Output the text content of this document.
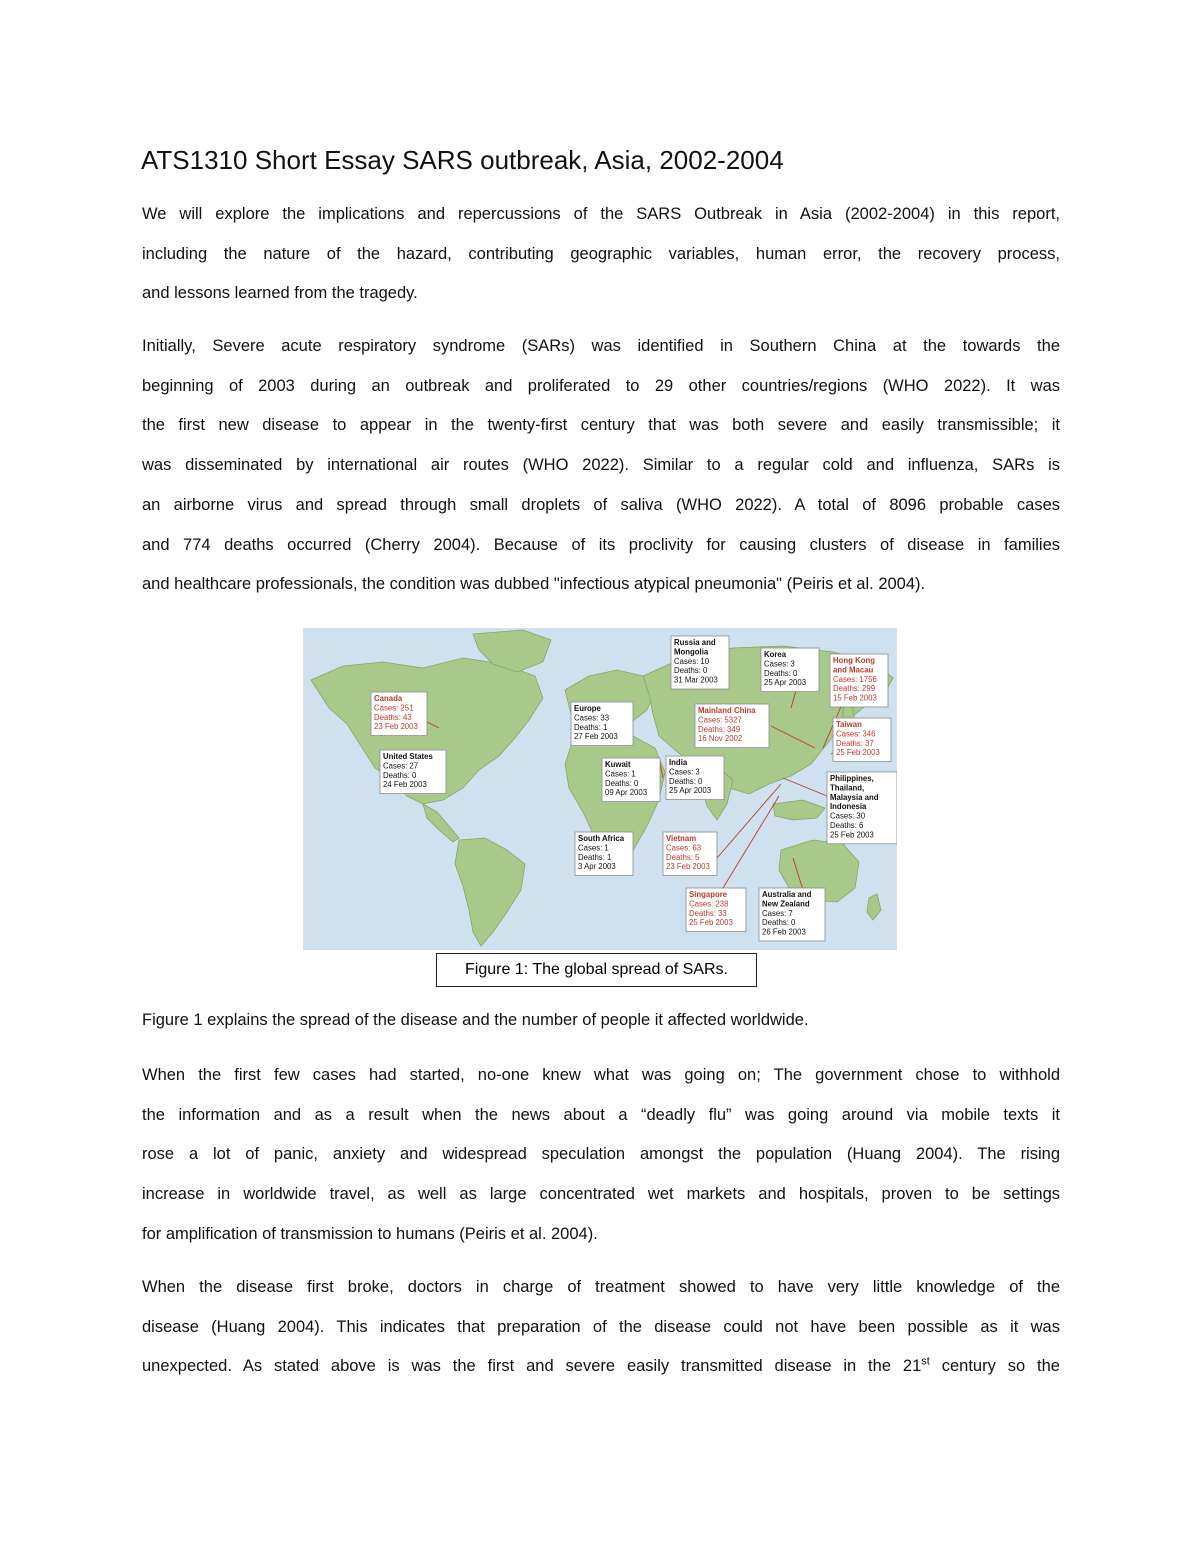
ATS1310 Short Essay SARS outbreak, Asia, 2002-2004

We will explore the implications and repercussions of the SARS Outbreak in Asia (2002-2004) in this report,
including the nature of the hazard, contributing geographic variables, human error, the recovery process,
and lessons learned from the tragedy.

Initially, Severe acute respiratory syndrome (SARs) was identified in Southern China at the towards the
beginning of 2003 during an outbreak and proliferated to 29 other countries/regions (WHO 2022). It was
the first new disease to appear in the twenty-first century that was both severe and easily transmissible; it
was disseminated by international air routes (WHO 2022). Similar to a regular cold and influenza, SARs is
an airborne virus and spread through small droplets of saliva (WHO 2022). A total of 8096 probable cases
and 774 deaths occurred (Cherry 2004). Because of its proclivity for causing clusters of disease in families
and healthcare professionals, the condition was dubbed "infectious atypical pneumonia" (Peiris et al. 2004).

Canada
Cases: 251
Deaths: 43
23 Feb 2003
United States
Cases: 27
Deaths: 0
24 Feb 2003
Europe
Cases: 33
Deaths: 1
27 Feb 2003
Kuwait
Cases: 1
Deaths: 0
09 Apr 2003
South Africa
Cases: 1
Deaths: 1
3 Apr 2003
Russia and
Mongolia
Cases: 10
Deaths: 0
31 Mar 2003
Mainland China
Cases: 5327
Deaths: 349
16 Nov 2002
India
Cases: 3
Deaths: 0
25 Apr 2003
Korea
Cases: 3
Deaths: 0
25 Apr 2003
Hong Kong
and Macau
Cases: 1756
Deaths: 299
15 Feb 2003
Taiwan
Cases: 346
Deaths: 37
25 Feb 2003
Philippines,
Thailand,
Malaysia and
Indonesia
Cases: 30
Deaths: 6
25 Feb 2003
Vietnam
Cases: 63
Deaths: 5
23 Feb 2003
Singapore
Cases: 238
Deaths: 33
25 Feb 2003
Australia and
New Zealand
Cases: 7
Deaths: 0
26 Feb 2003
Figure 1: The global spread of SARs.

Figure 1 explains the spread of the disease and the number of people it affected worldwide.

When the first few cases had started, no-one knew what was going on; The government chose to withhold
the information and as a result when the news about a “deadly flu” was going around via mobile texts it
rose a lot of panic, anxiety and widespread speculation amongst the population (Huang 2004). The rising
increase in worldwide travel, as well as large concentrated wet markets and hospitals, proven to be settings
for amplification of transmission to humans (Peiris et al. 2004).

When the disease first broke, doctors in charge of treatment showed to have very little knowledge of the
disease (Huang 2004). This indicates that preparation of the disease could not have been possible as it was
unexpected. As stated above is was the first and severe easily transmitted disease in the 21st century so the
